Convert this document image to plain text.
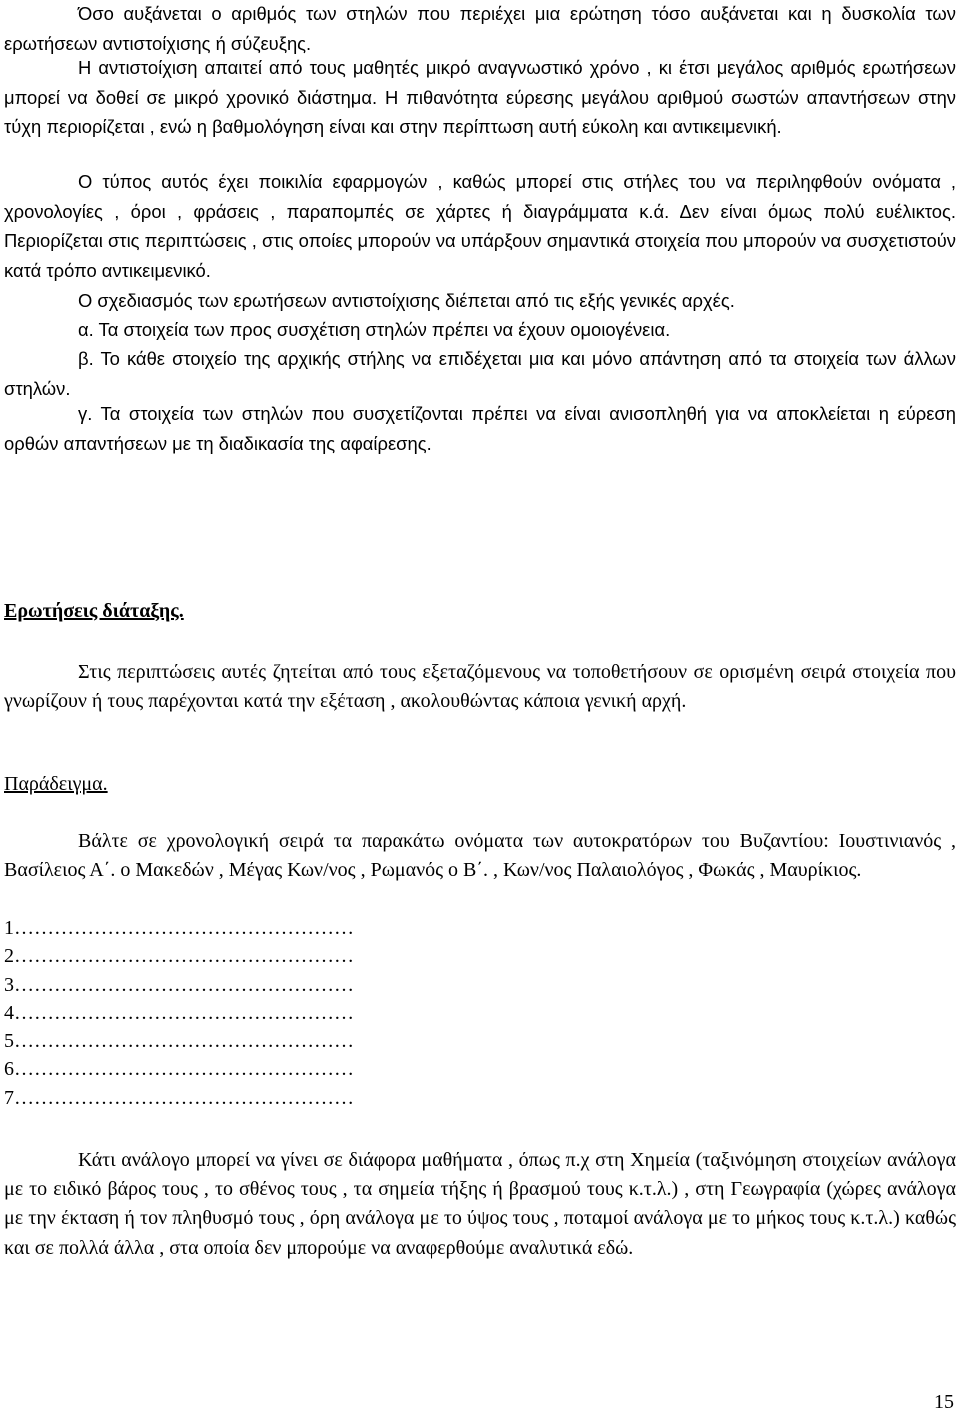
Όσο αυξάνεται ο αριθμός των στηλών που περιέχει μια ερώτηση τόσο αυξάνεται και η δυσκολία των ερωτήσεων αντιστοίχισης ή σύζευξης.

Η αντιστοίχιση απαιτεί από τους μαθητές μικρό αναγνωστικό χρόνο , κι έτσι μεγάλος αριθμός ερωτήσεων μπορεί να δοθεί σε μικρό χρονικό διάστημα. Η πιθανότητα εύρεσης μεγάλου αριθμού σωστών απαντήσεων στην τύχη περιορίζεται , ενώ η βαθμολόγηση είναι και στην περίπτωση αυτή εύκολη και αντικειμενική.

Ο τύπος αυτός έχει ποικιλία εφαρμογών , καθώς μπορεί στις στήλες του να περιληφθούν ονόματα , χρονολογίες , όροι , φράσεις , παραπομπές σε χάρτες ή διαγράμματα κ.ά. Δεν είναι όμως πολύ ευέλικτος. Περιορίζεται στις περιπτώσεις , στις οποίες μπορούν να υπάρξουν σημαντικά στοιχεία που μπορούν να συσχετιστούν κατά τρόπο αντικειμενικό.

Ο σχεδιασμός των ερωτήσεων αντιστοίχισης διέπεται από τις εξής γενικές αρχές.

α. Τα στοιχεία των προς συσχέτιση στηλών πρέπει να έχουν ομοιογένεια.

β. Το κάθε στοιχείο της αρχικής στήλης να επιδέχεται μια και μόνο απάντηση από τα στοιχεία των άλλων στηλών.

γ. Τα στοιχεία των στηλών που συσχετίζονται πρέπει να είναι ανισοπληθή για να αποκλείεται η εύρεση ορθών απαντήσεων με τη διαδικασία της αφαίρεσης.

Ερωτήσεις διάταξης.

Στις περιπτώσεις αυτές ζητείται από τους εξεταζόμενους να τοποθετήσουν σε ορισμένη σειρά στοιχεία που γνωρίζουν ή τους παρέχονται κατά την εξέταση , ακολουθώντας κάποια γενική αρχή.

Παράδειγμα.

Βάλτε σε χρονολογική σειρά τα παρακάτω ονόματα των αυτοκρατόρων του Βυζαντίου: Ιουστινιανός , Βασίλειος Α΄. ο Μακεδών , Μέγας Κων/νος , Ρωμανός ο Β΄. , Κων/νος Παλαιολόγος , Φωκάς , Μαυρίκιος.

1……………………………………………
2……………………………………………
3……………………………………………
4……………………………………………
5……………………………………………
6……………………………………………
7……………………………………………

Κάτι ανάλογο μπορεί να γίνει σε διάφορα μαθήματα , όπως π.χ στη Χημεία (ταξινόμηση στοιχείων ανάλογα με το ειδικό βάρος τους , το σθένος τους , τα σημεία τήξης ή βρασμού τους κ.τ.λ.) , στη Γεωγραφία (χώρες ανάλογα με την έκταση ή τον πληθυσμό τους , όρη ανάλογα με το ύψος τους , ποταμοί ανάλογα με το μήκος τους κ.τ.λ.) καθώς και σε πολλά άλλα , στα οποία δεν μπορούμε να αναφερθούμε αναλυτικά εδώ.

15
